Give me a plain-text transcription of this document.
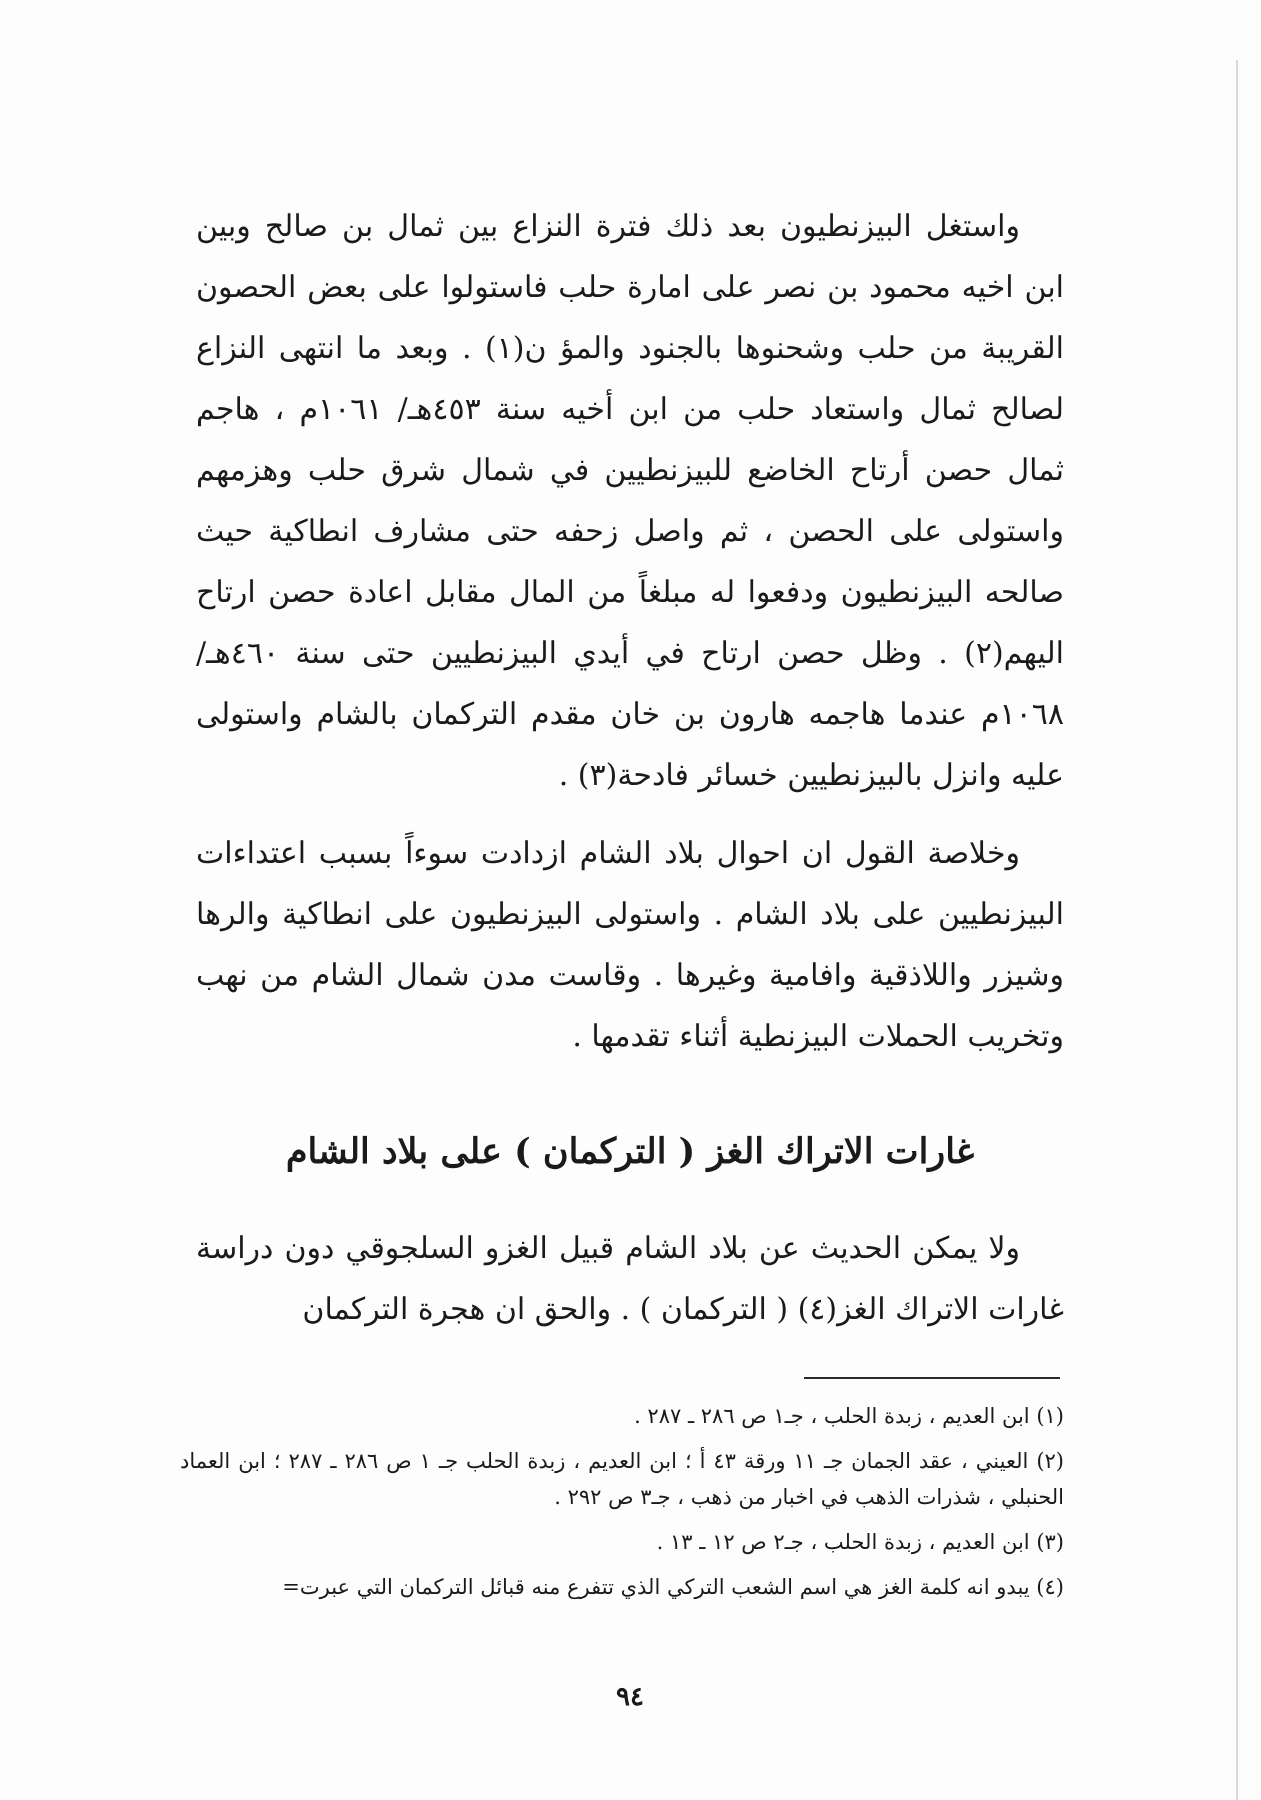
واستغل البيزنطيون بعد ذلك فترة النزاع بين ثمال بن صالح وبين ابن اخيه محمود بن نصر على امارة حلب فاستولوا على بعض الحصون القريبة من حلب وشحنوها بالجنود والمؤ ن(١) . وبعد ما انتهى النزاع لصالح ثمال واستعاد حلب من ابن أخيه سنة ٤٥٣هـ/ ١٠٦١م ، هاجم ثمال حصن أرتاح الخاضع للبيزنطيين في شمال شرق حلب وهزمهم واستولى على الحصن ، ثم واصل زحفه حتى مشارف انطاكية حيث صالحه البيزنطيون ودفعوا له مبلغاً من المال مقابل اعادة حصن ارتاح اليهم(٢) . وظل حصن ارتاح في أيدي البيزنطيين حتى سنة ٤٦٠هـ/ ١٠٦٨م عندما هاجمه هارون بن خان مقدم التركمان بالشام واستولى عليه وانزل بالبيزنطيين خسائر فادحة(٣) .

وخلاصة القول ان احوال بلاد الشام ازدادت سوءاً بسبب اعتداءات البيزنطيين على بلاد الشام . واستولى البيزنطيون على انطاكية والرها وشيزر واللاذقية وافامية وغيرها . وقاست مدن شمال الشام من نهب وتخريب الحملات البيزنطية أثناء تقدمها .

غارات الاتراك الغز ( التركمان ) على بلاد الشام

ولا يمكن الحديث عن بلاد الشام قبيل الغزو السلجوقي دون دراسة غارات الاتراك الغز(٤) ( التركمان ) . والحق ان هجرة التركمان

(١) ابن العديم ، زبدة الحلب ، جـ١ ص ٢٨٦ ـ ٢٨٧ .
(٢) العيني ، عقد الجمان جـ ١١ ورقة ٤٣ أ ؛ ابن العديم ، زبدة الحلب جـ ١ ص ٢٨٦ ـ ٢٨٧ ؛ ابن العماد الحنبلي ، شذرات الذهب في اخبار من ذهب ، جـ٣ ص ٢٩٢ .
(٣) ابن العديم ، زبدة الحلب ، جـ٢ ص ١٢ ـ ١٣ .
(٤) يبدو انه كلمة الغز هي اسم الشعب التركي الذي تتفرع منه قبائل التركمان التي عبرت=
٩٤
